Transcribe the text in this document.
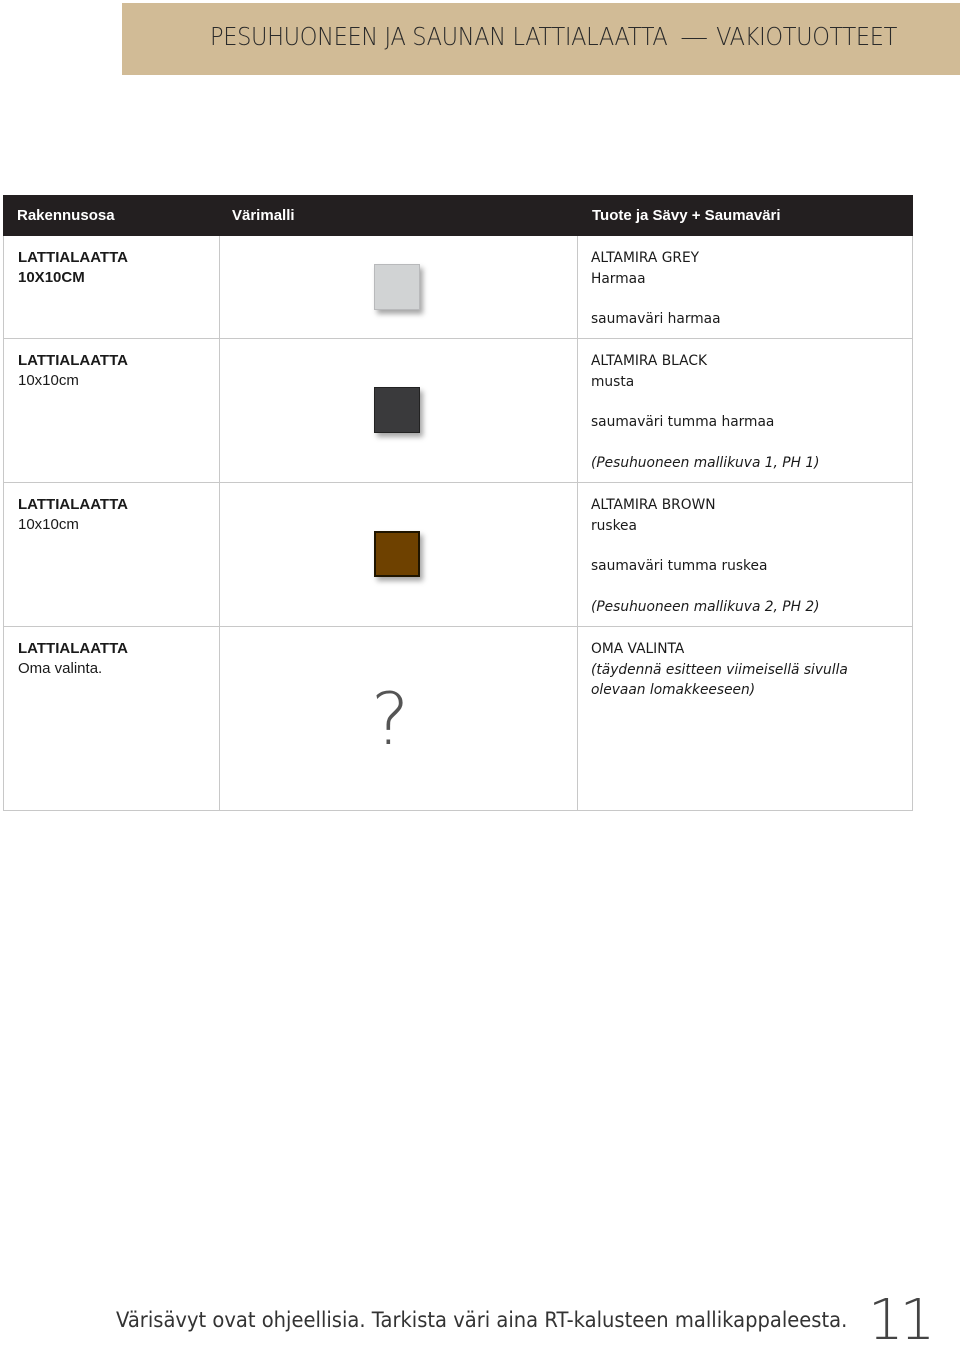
PESUHUONEEN JA SAUNAN LATTIALAATTA VAKIOTUOTTEET
Rakennusosa	Värimalli	Tuote ja Sävy + Saumaväri
LATTIALAATTA
10X10CM
ALTAMIRA GREY
Harmaa
saumaväri harmaa
LATTIALAATTA
10x10cm
ALTAMIRA BLACK
musta
saumaväri tumma harmaa
(Pesuhuoneen mallikuva 1, PH 1)
LATTIALAATTA
10x10cm
ALTAMIRA BROWN
ruskea
saumaväri tumma ruskea
(Pesuhuoneen mallikuva 2, PH 2)
LATTIALAATTA
Oma valinta.
?
OMA VALINTA
(täydennä esitteen viimeisellä sivulla
olevaan lomakkeeseen)
Värisävyt ovat ohjeellisia. Tarkista väri aina RT-kalusteen mallikappaleesta. 11
